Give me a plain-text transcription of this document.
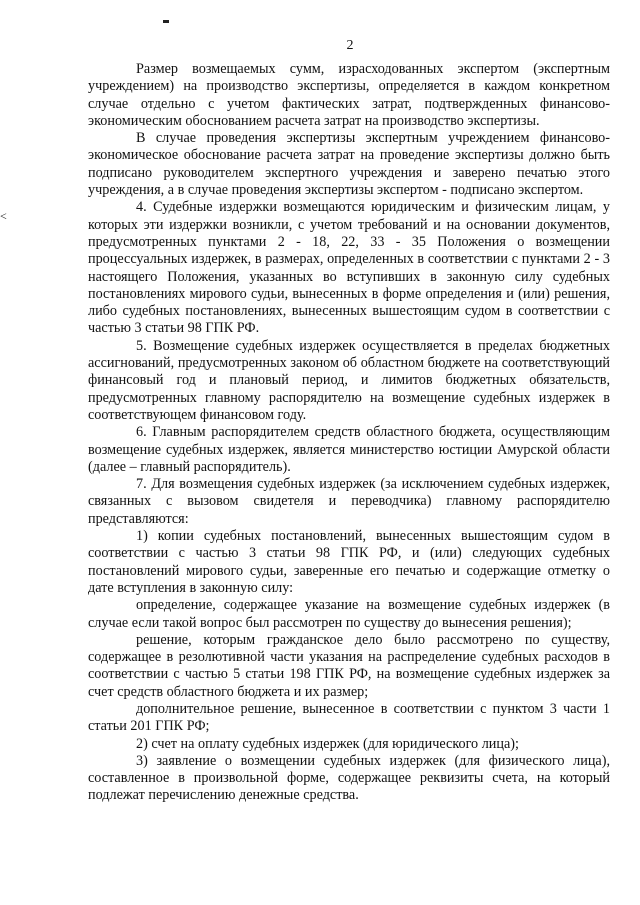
2
<

Размер возмещаемых сумм, израсходованных экспертом (экспертным учреждением) на производство экспертизы, определяется в каждом конкретном случае отдельно с учетом фактических затрат, подтвержденных финансово-экономическим обоснованием расчета затрат на производство экспертизы.

В случае проведения экспертизы экспертным учреждением финансово-экономическое обоснование расчета затрат на проведение экспертизы должно быть подписано руководителем экспертного учреждения и заверено печатью этого учреждения, а в случае проведения экспертизы экспертом - подписано экспертом.

4. Судебные издержки возмещаются юридическим и физическим лицам, у которых эти издержки возникли, с учетом требований и на основании документов, предусмотренных пунктами 2 - 18, 22, 33 - 35 Положения о возмещении процессуальных издержек, в размерах, определенных в соответствии с пунктами 2 - 3 настоящего Положения, указанных во вступивших в законную силу судебных постановлениях мирового судьи, вынесенных в форме определения и (или) решения, либо судебных постановлениях, вынесенных вышестоящим судом в соответствии с частью 3 статьи 98 ГПК РФ.

5. Возмещение судебных издержек осуществляется в пределах бюджетных ассигнований, предусмотренных законом об областном бюджете на соответствующий финансовый год и плановый период, и лимитов бюджетных обязательств, предусмотренных главному распорядителю на возмещение судебных издержек в соответствующем финансовом году.

6. Главным распорядителем средств областного бюджета, осуществляющим возмещение судебных издержек, является министерство юстиции Амурской области (далее – главный распорядитель).

7. Для возмещения судебных издержек (за исключением судебных издержек, связанных с вызовом свидетеля и переводчика) главному распорядителю представляются:

1) копии судебных постановлений, вынесенных вышестоящим судом в соответствии с частью 3 статьи 98 ГПК РФ, и (или) следующих судебных постановлений мирового судьи, заверенные его печатью и содержащие отметку о дате вступления в законную силу:

определение, содержащее указание на возмещение судебных издержек (в случае если такой вопрос был рассмотрен по существу до вынесения решения);

решение, которым гражданское дело было рассмотрено по существу, содержащее в резолютивной части указания на распределение судебных расходов в соответствии с частью 5 статьи 198 ГПК РФ, на возмещение судебных издержек за счет средств областного бюджета и их размер;

дополнительное решение, вынесенное в соответствии с пунктом 3 части 1 статьи 201 ГПК РФ;

2) счет на оплату судебных издержек (для юридического лица);

3) заявление о возмещении судебных издержек (для физического лица), составленное в произвольной форме, содержащее реквизиты счета, на который подлежат перечислению денежные средства.
